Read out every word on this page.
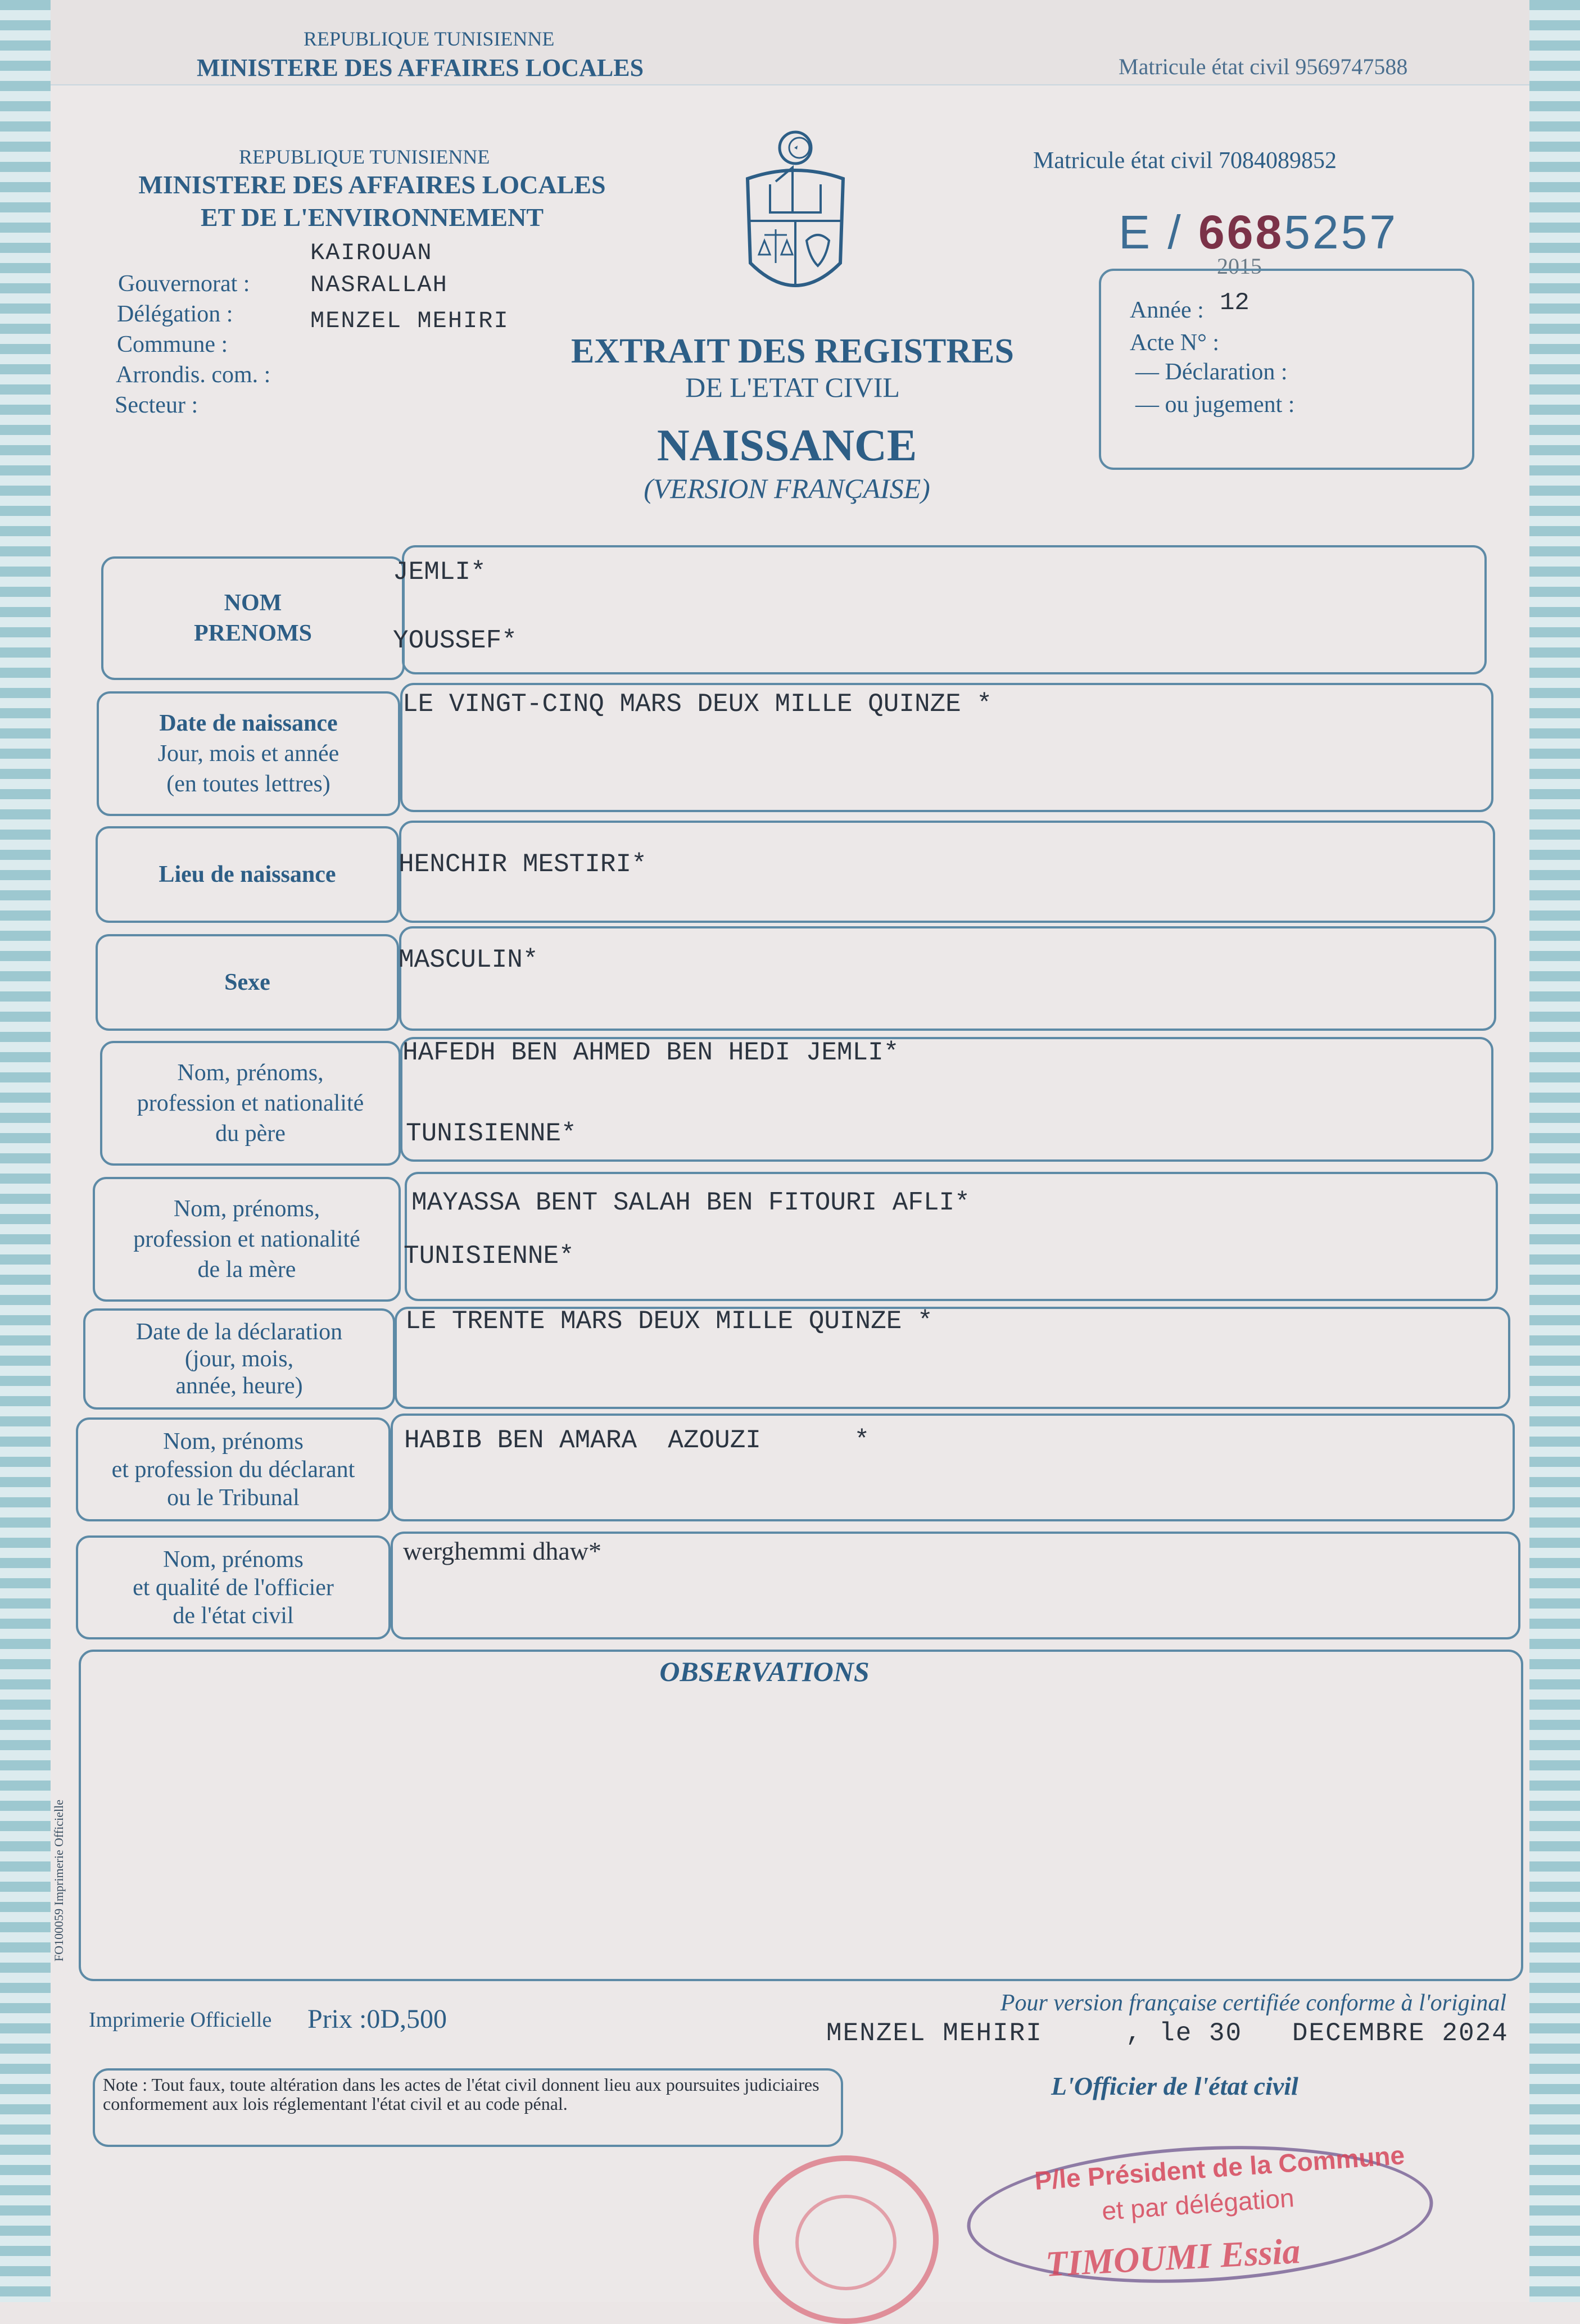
REPUBLIQUE TUNISIENNE
MINISTERE DES AFFAIRES LOCALES	Matricule état civil 9569747588
REPUBLIQUE TUNISIENNE
MINISTERE DES AFFAIRES LOCALES
ET DE L'ENVIRONNEMENT
Gouvernorat :
Délégation :
Commune :
Arrondis. com. :
Secteur :
KAIROUAN
NASRALLAH
MENZEL MEHIRI
Matricule état civil 7084089852
E / 6685257
2015
Année : 12
Acte N° :
— Déclaration :
— ou jugement :
EXTRAIT DES REGISTRES
DE L'ETAT CIVIL
NAISSANCE
(VERSION FRANÇAISE)
NOM
PRENOMS
JEMLI*
YOUSSEF*
Date de naissance
Jour, mois et année
(en toutes lettres)
LE VINGT-CINQ MARS DEUX MILLE QUINZE *
Lieu de naissance	HENCHIR MESTIRI*
Sexe
MASCULIN*
Nom, prénoms,
profession et nationalité
du père
HAFEDH BEN AHMED BEN HEDI JEMLI*
TUNISIENNE*
Nom, prénoms,
profession et nationalité
de la mère
MAYASSA BENT SALAH BEN FITOURI AFLI*
TUNISIENNE*
Date de la déclaration
(jour, mois,
année, heure)
LE TRENTE MARS DEUX MILLE QUINZE *
Nom, prénoms
et profession du déclarant
ou le Tribunal
HABIB BEN AMARA  AZOUZI      *
Nom, prénoms
et qualité de l'officier
de l'état civil
werghemmi dhaw*
OBSERVATIONS
FO100059 Imprimerie Officielle
Imprimerie Officielle Prix :0D,500
Pour version française certifiée conforme à l'original
MENZEL MEHIRI     , le 30   DECEMBRE 2024
L'Officier de l'état civil
Note : Tout faux, toute altération dans les actes de l'état civil donnent lieu aux poursuites judiciaires conformement aux lois réglementant l'état civil et au code pénal.
P/le Président de la Commune
et par délégation
TIMOUMI Essia
